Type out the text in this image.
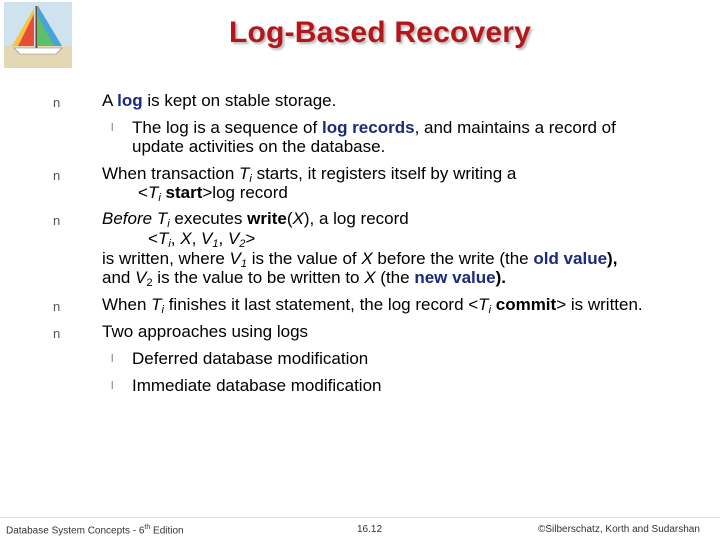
Log-Based Recovery
n A log is kept on stable storage.
l The log is a sequence of log records, and maintains a record of
update activities on the database.
n When transaction $T_i$ starts, it registers itself by writing a
$<T_i$ start>log record
n Before $T_i$ executes write(X), a log record
$<T_i$, X, $V_1$, $V_2>$
is written, where $V_1$ is the value of X before the write (the old value),
and $V_2$ is the value to be written to X (the new value).
n When $T_i$ finishes it last statement, the log record $<T_i$ commit> is written.
n Two approaches using logs
l Deferred database modification
l Immediate database modification
Database System Concepts - 6th Edition	16.12	©Silberschatz, Korth and Sudarshan
